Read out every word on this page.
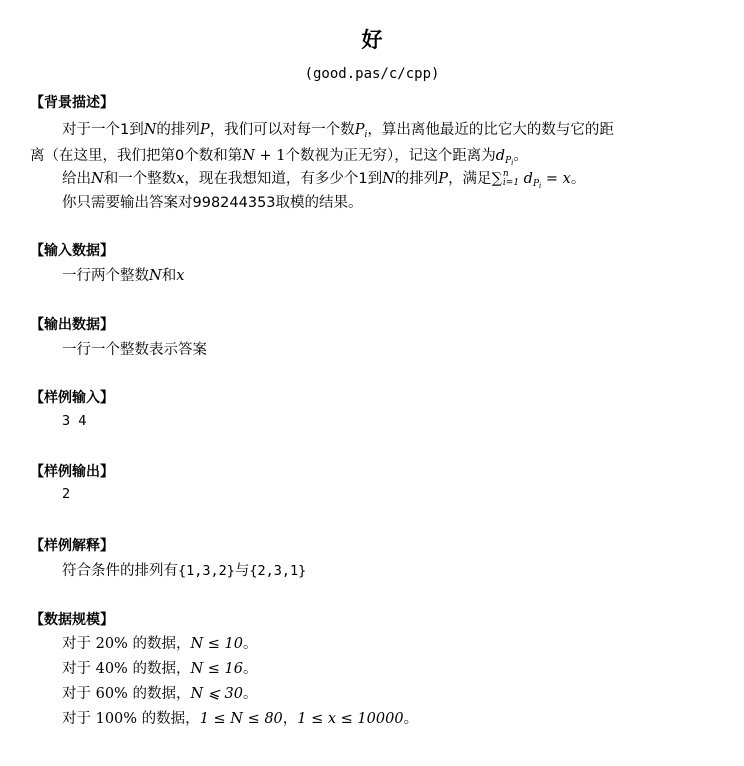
好
(good.pas/c/cpp)
【背景描述】
对于一个1到N的排列P，我们可以对每一个数$P_i$，算出离他最近的比它大的数与它的距
离（在这里，我们把第0个数和第N + 1个数视为正无穷），记这个距离为$d_{Pi}$。
给出N和一个整数x，现在我想知道，有多少个1到N的排列P，满足∑ n
i=1 $d_{Pi} = x$。
你只需要输出答案对998244353取模的结果。
【输入数据】
一行两个整数N和x
【输出数据】
一行一个整数表示答案
【样例输入】
3 4
【样例输出】
2
【样例解释】
符合条件的排列有{1,3,2}与{2,3,1}
【数据规模】
对于 20% 的数据，N ≤ 10。
对于 40% 的数据，N ≤ 16。
对于 60% 的数据，N ⩽ 30。
对于 100% 的数据，1 ≤ N ≤ 80，1 ≤ x ≤ 10000。
